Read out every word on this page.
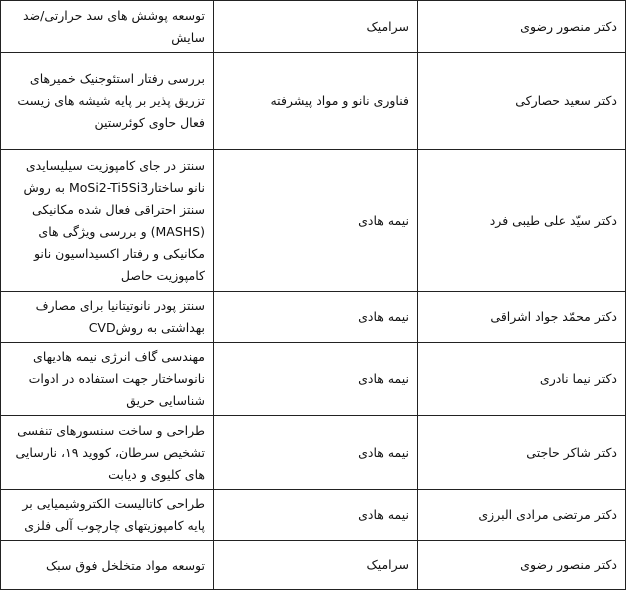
دکتر منصور رضوی	سرامیک	توسعه پوشش های سد حرارتی/ضد سایش
دکتر سعید حصارکی	فناوری نانو و مواد پیشرفته	بررسی رفتار استئوجنیک خمیرهای تزریق پذیر بر پایه شیشه های زیست فعال حاوی کوئرستین
دکتر سیّد علی طیبی فرد	نیمه هادی	سنتز در جای کامپوزیت سیلیسایدی نانو ساختارMoSi2-Ti5Si3 به روش سنتز احتراقی فعال شده مکانیکی (MASHS) و بررسی ویژگی های مکانیکی و رفتار اکسیداسیون نانو کامپوزیت حاصل
دکتر محمّد جواد اشراقی	نیمه هادی	سنتز پودر نانوتیتانیا برای مصارف بهداشتی به روشCVD
دکتر نیما نادری	نیمه هادی	مهندسی گاف انرژی نیمه هادیهای نانوساختار جهت استفاده در ادوات شناسایی حریق
دکتر شاکر حاجتی	نیمه هادی	طراحی و ساخت سنسورهای تنفسی تشخیص سرطان، کووید ۱۹، نارسایی های کلیوی و دیابت
دکتر مرتضی مرادی البرزی	نیمه هادی	طراحی کاتالیست الکتروشیمیایی بر پایه کامپوزیتهای چارچوب آلی فلزی
دکتر منصور رضوی	سرامیک	توسعه مواد متخلخل فوق سبک
